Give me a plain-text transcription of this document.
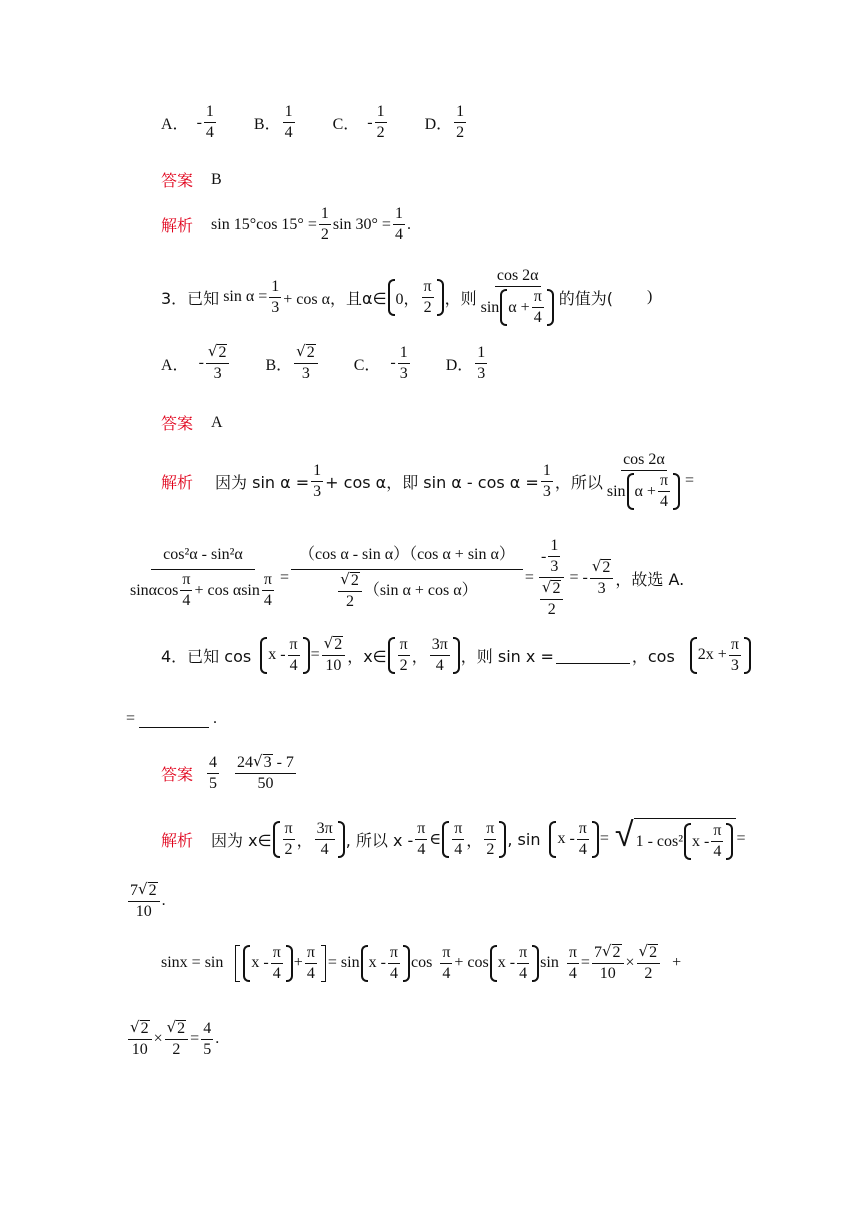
A． - $\frac{1}{4}$ B． $\frac{1}{4}$ C． - $\frac{1}{2}$ D． $\frac{1}{2}$
答案 B
解析 sin 15°cos $15^\circ = \frac{1}{2}$ $\sin 30^\circ = \frac{1}{4}$ .
3．已知 $\sin \alpha = \frac{1}{3} + \cos \alpha$， 且α∈ 0， $\frac{\pi}{2}$ ，则 $\frac{\cos 2\alpha}{\sin \alpha + \frac{\pi}{4}}$ 的值为( )
A． - $\frac{√ 2}{3}$ B． $\frac{√ 2}{3}$ C． - $\frac{1}{3}$ D． $\frac{1}{3}$
答案 A
解析 因为 $\sin \alpha = \frac{1}{3} + \cos \alpha$，即 $\sin \alpha - \cos \alpha = \frac{1}{3}$ ，所以 $\frac{\cos 2\alpha}{\sin \alpha + \frac{\pi}{4}}$ =
$\frac{\text{cos²α - sin²α}}{\sin\alpha\cos \frac{\pi}{4} + \cos \alpha\sin \frac{\pi}{4}} = \frac{\text{（cos α - sin α）（cos α + sin α）}}{\frac{√ 2}{2} (\sin \alpha + \cos \alpha)} = \frac{- \frac{1}{3}}{\frac{√ 2}{2}}$ = - $\frac{√ 2}{3}$ ，故选 A.
4．已知 $\cos x - \frac{\pi}{4} = \frac{√ 2}{10}$ ，x∈ $\frac{\pi}{2}$ ， $\frac{3\pi}{4}$ ，则 sin x =	，$\cos 2x + \frac{\pi}{3}$
=	.
答案 $\frac{4}{5} \frac{24 √ 3 - 7}{50}$
解析 因为 x∈ $\frac{\pi}{2}$ ， $\frac{3\pi}{4}$ , 所以 x - $\frac{\pi}{4}$ ∈ $\frac{\pi}{4}$ ， $\frac{\pi}{2}$ , sin x - $\frac{\pi}{4}$ = √ 1 - cos² x - $\frac{\pi}{4}$ =
$\frac{7 √ 2}{10}$ .
$\sin x = \sin x - \frac{\pi}{4} + \frac{\pi}{4} = \sin x - \frac{\pi}{4}$ $\cos \frac{\pi}{4} + \cos x - \frac{\pi}{4}$ $\sin \frac{\pi}{4} = \frac{7 √ 2}{10} \times \frac{√ 2}{2}$ +
$\frac{√ 2}{10} \times \frac{√ 2}{2} = \frac{4}{5}$ .
